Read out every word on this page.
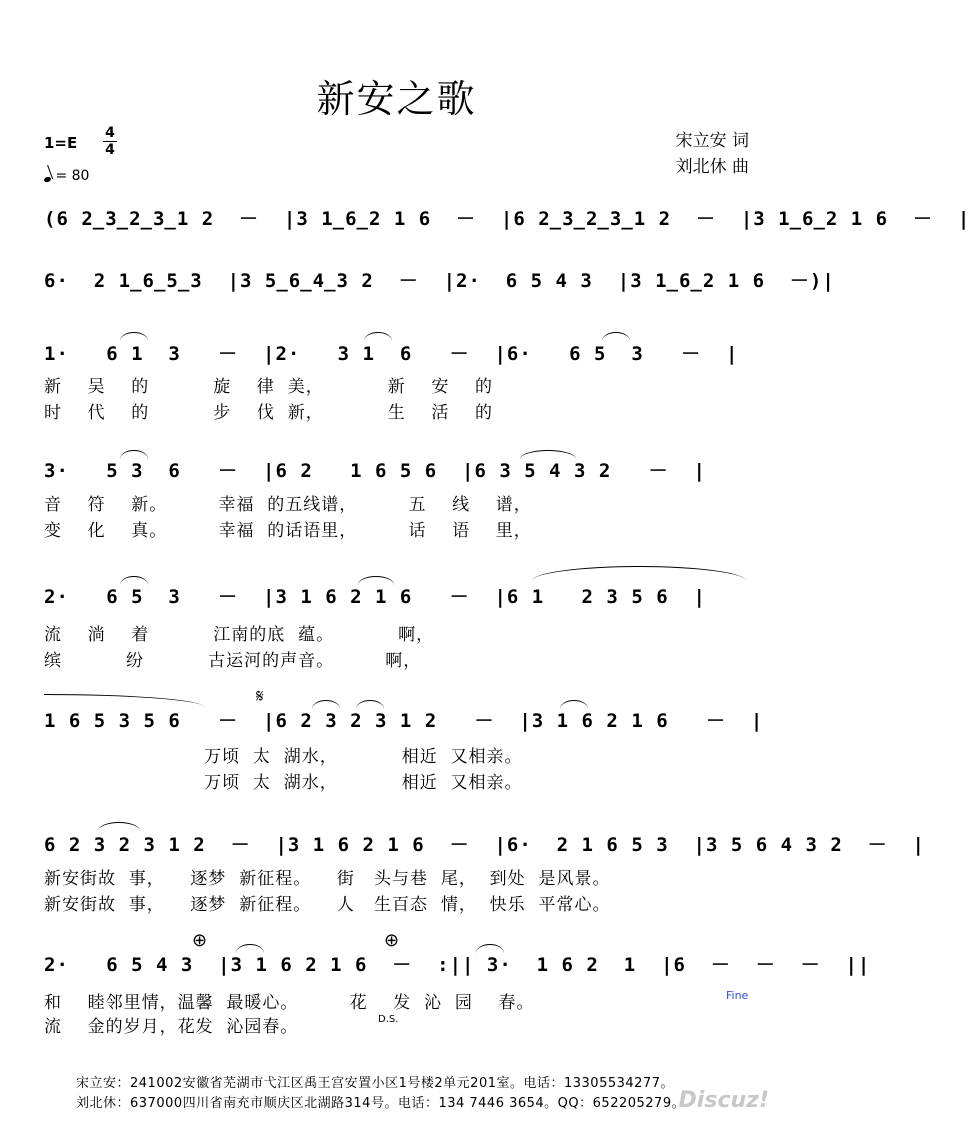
新安之歌
1=E
4
4
= 80
宋立安 词
刘北休 曲
(6 2̲3̲2̲3̲1 2  －  |3 1̲6̲2 1 6  －  |6 2̲3̲2̲3̲1 2  －  |3 1̲6̲2 1 6  －  |
6·  2 1̲6̲5̲3  |3 5̲6̲4̲3 2  －  |2·  6 5 4 3  |3 1̲6̲2 1 6  －)|
1·   6 1  3   －  |2·   3 1  6   －  |6·   6 5  3   －  |
新    吴    的          旋    律  美，          新    安    的
时    代    的          步    伐  新，          生    活    的
3·   5 3  6   －  |6 2   1 6 5 6  |6 3 5 4 3 2   －  |
音    符    新。        幸福  的五线谱，        五    线    谱，
变    化    真。        幸福  的话语里，        话    语    里，
2·   6 5  3   －  |3 1 6 2 1 6   －  |6 1   2 3 5 6  |
流    淌    着          江南的底  蕴。          啊，
缤          纷          古运河的声音。        啊，
𝄋
1 6 5 3 5 6   －  |6 2 3 2 3 1 2   －  |3 1 6 2 1 6   －  |
万顷  太  湖水，          相近  又相亲。
万顷  太  湖水，          相近  又相亲。
6 2 3 2 3 1 2  －  |3 1 6 2 1 6  －  |6·  2 1 6 5 3  |3 5 6 4 3 2  －  |
新安街故  事，    逐梦  新征程。    街   头与巷  尾，  到处  是风景。
新安街故  事，    逐梦  新征程。    人   生百态  情，  快乐  平常心。
⊕	⊕
2·   6 5 4 3  |3 1 6 2 1 6  －  :|| 3·  1 6 2  1  |6  －  －  －  ||
和    睦邻里情，温馨  最暖心。        花    发  沁  园    春。
流    金的岁月，花发  沁园春。
Fine
D.S.
宋立安：241002安徽省芜湖市弋江区禹王宫安置小区1号楼2单元201室。电话：13305534277。
刘北休：637000四川省南充市顺庆区北湖路314号。电话：134 7446 3654。QQ：652205279。
Discuz!
